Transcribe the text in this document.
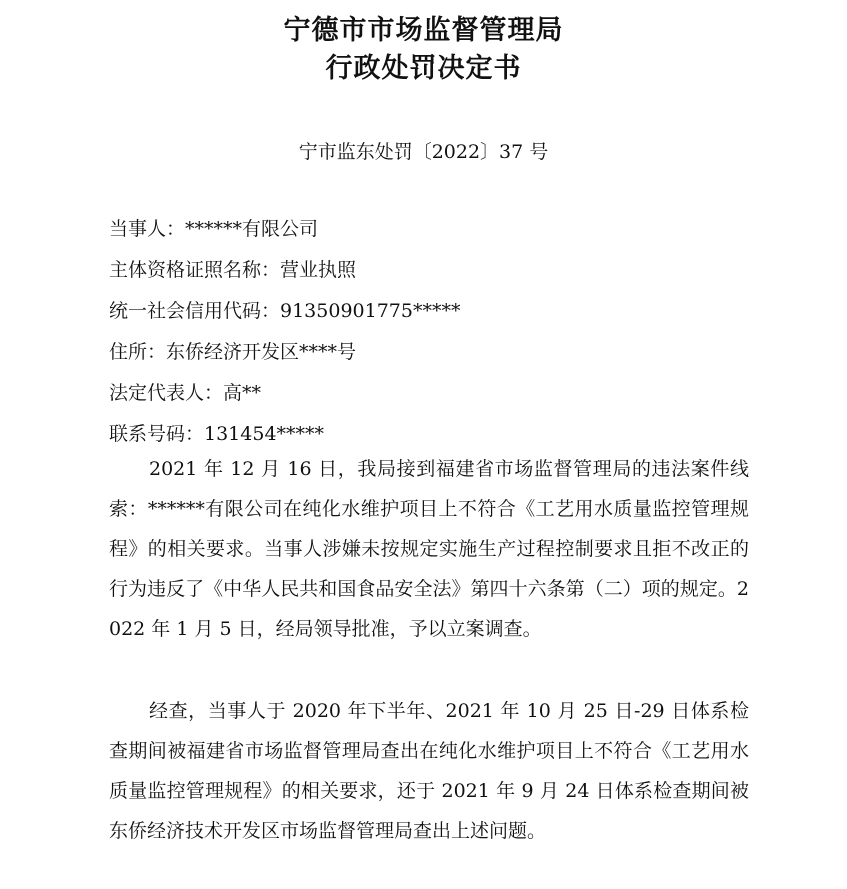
宁德市市场监督管理局
行政处罚决定书
宁市监东处罚〔2022〕37 号
当事人：******有限公司
主体资格证照名称：营业执照
统一社会信用代码：91350901775*****
住所：东侨经济开发区****号
法定代表人：高**
联系号码：131454*****
2021 年 12 月 16 日，我局接到福建省市场监督管理局的违法案件线索：******有限公司在纯化水维护项目上不符合《工艺用水质量监控管理规程》的相关要求。当事人涉嫌未按规定实施生产过程控制要求且拒不改正的行为违反了《中华人民共和国食品安全法》第四十六条第（二）项的规定。2022 年 1 月 5 日，经局领导批准，予以立案调查。
经查，当事人于 2020 年下半年、2021 年 10 月 25 日-29 日体系检查期间被福建省市场监督管理局查出在纯化水维护项目上不符合《工艺用水质量监控管理规程》的相关要求，还于 2021 年 9 月 24 日体系检查期间被东侨经济技术开发区市场监督管理局查出上述问题。
